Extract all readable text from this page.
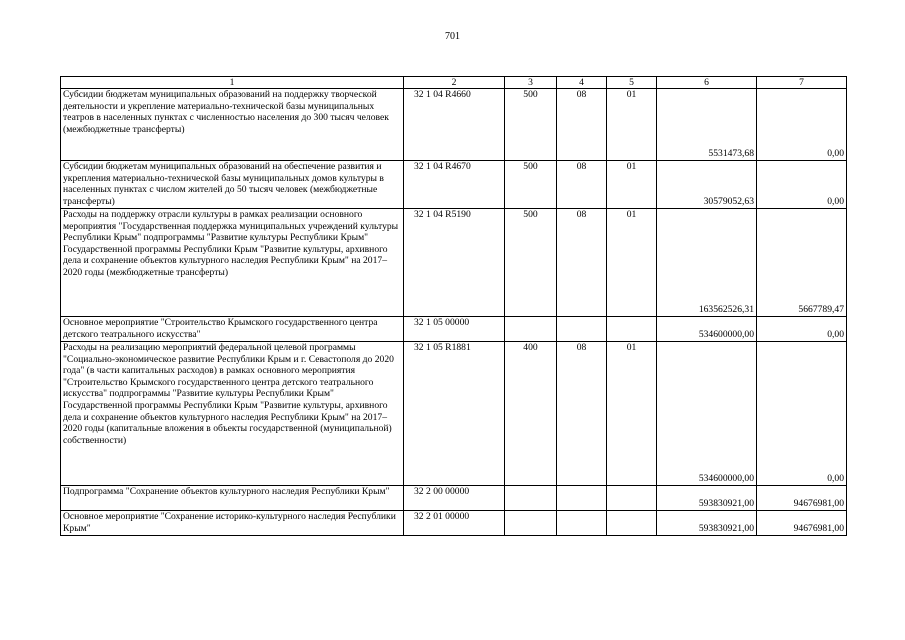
701
1	2	3	4	5	6	7
Субсидии бюджетам муниципальных образований на поддержку творческой деятельности и укрепление материально-технической базы муниципальных театров в населенных пунктах с численностью населения до 300 тысяч человек (межбюджетные трансферты)	32 1 04 R4660	500	08	01	5531473,68	0,00
Субсидии бюджетам муниципальных образований на обеспечение развития и укрепления материально-технической базы муниципальных домов культуры в населенных пунктах с числом жителей до 50 тысяч человек (межбюджетные трансферты)	32 1 04 R4670	500	08	01	30579052,63	0,00
Расходы на поддержку отрасли культуры в рамках реализации основного мероприятия "Государственная поддержка муниципальных учреждений культуры Республики Крым" подпрограммы "Развитие культуры Республики Крым" Государственной программы Республики Крым "Развитие культуры, архивного дела и сохранение объектов культурного наследия Республики Крым" на 2017–2020 годы (межбюджетные трансферты)	32 1 04 R5190	500	08	01	163562526,31	5667789,47
Основное мероприятие "Строительство Крымского государственного центра детского театрального искусства"	32 1 05 00000				534600000,00	0,00
Расходы на реализацию мероприятий федеральной целевой программы "Социально-экономическое развитие Республики Крым и г. Севастополя до 2020 года" (в части капитальных расходов) в рамках основного мероприятия "Строительство Крымского государственного центра детского театрального искусства" подпрограммы "Развитие культуры Республики Крым" Государственной программы Республики Крым "Развитие культуры, архивного дела и сохранение объектов культурного наследия Республики Крым" на 2017–2020 годы (капитальные вложения в объекты государственной (муниципальной) собственности)	32 1 05 R1881	400	08	01	534600000,00	0,00
Подпрограмма "Сохранение объектов культурного наследия Республики Крым"	32 2 00 00000				593830921,00	94676981,00
Основное мероприятие "Сохранение историко-культурного наследия Республики Крым"	32 2 01 00000				593830921,00	94676981,00
